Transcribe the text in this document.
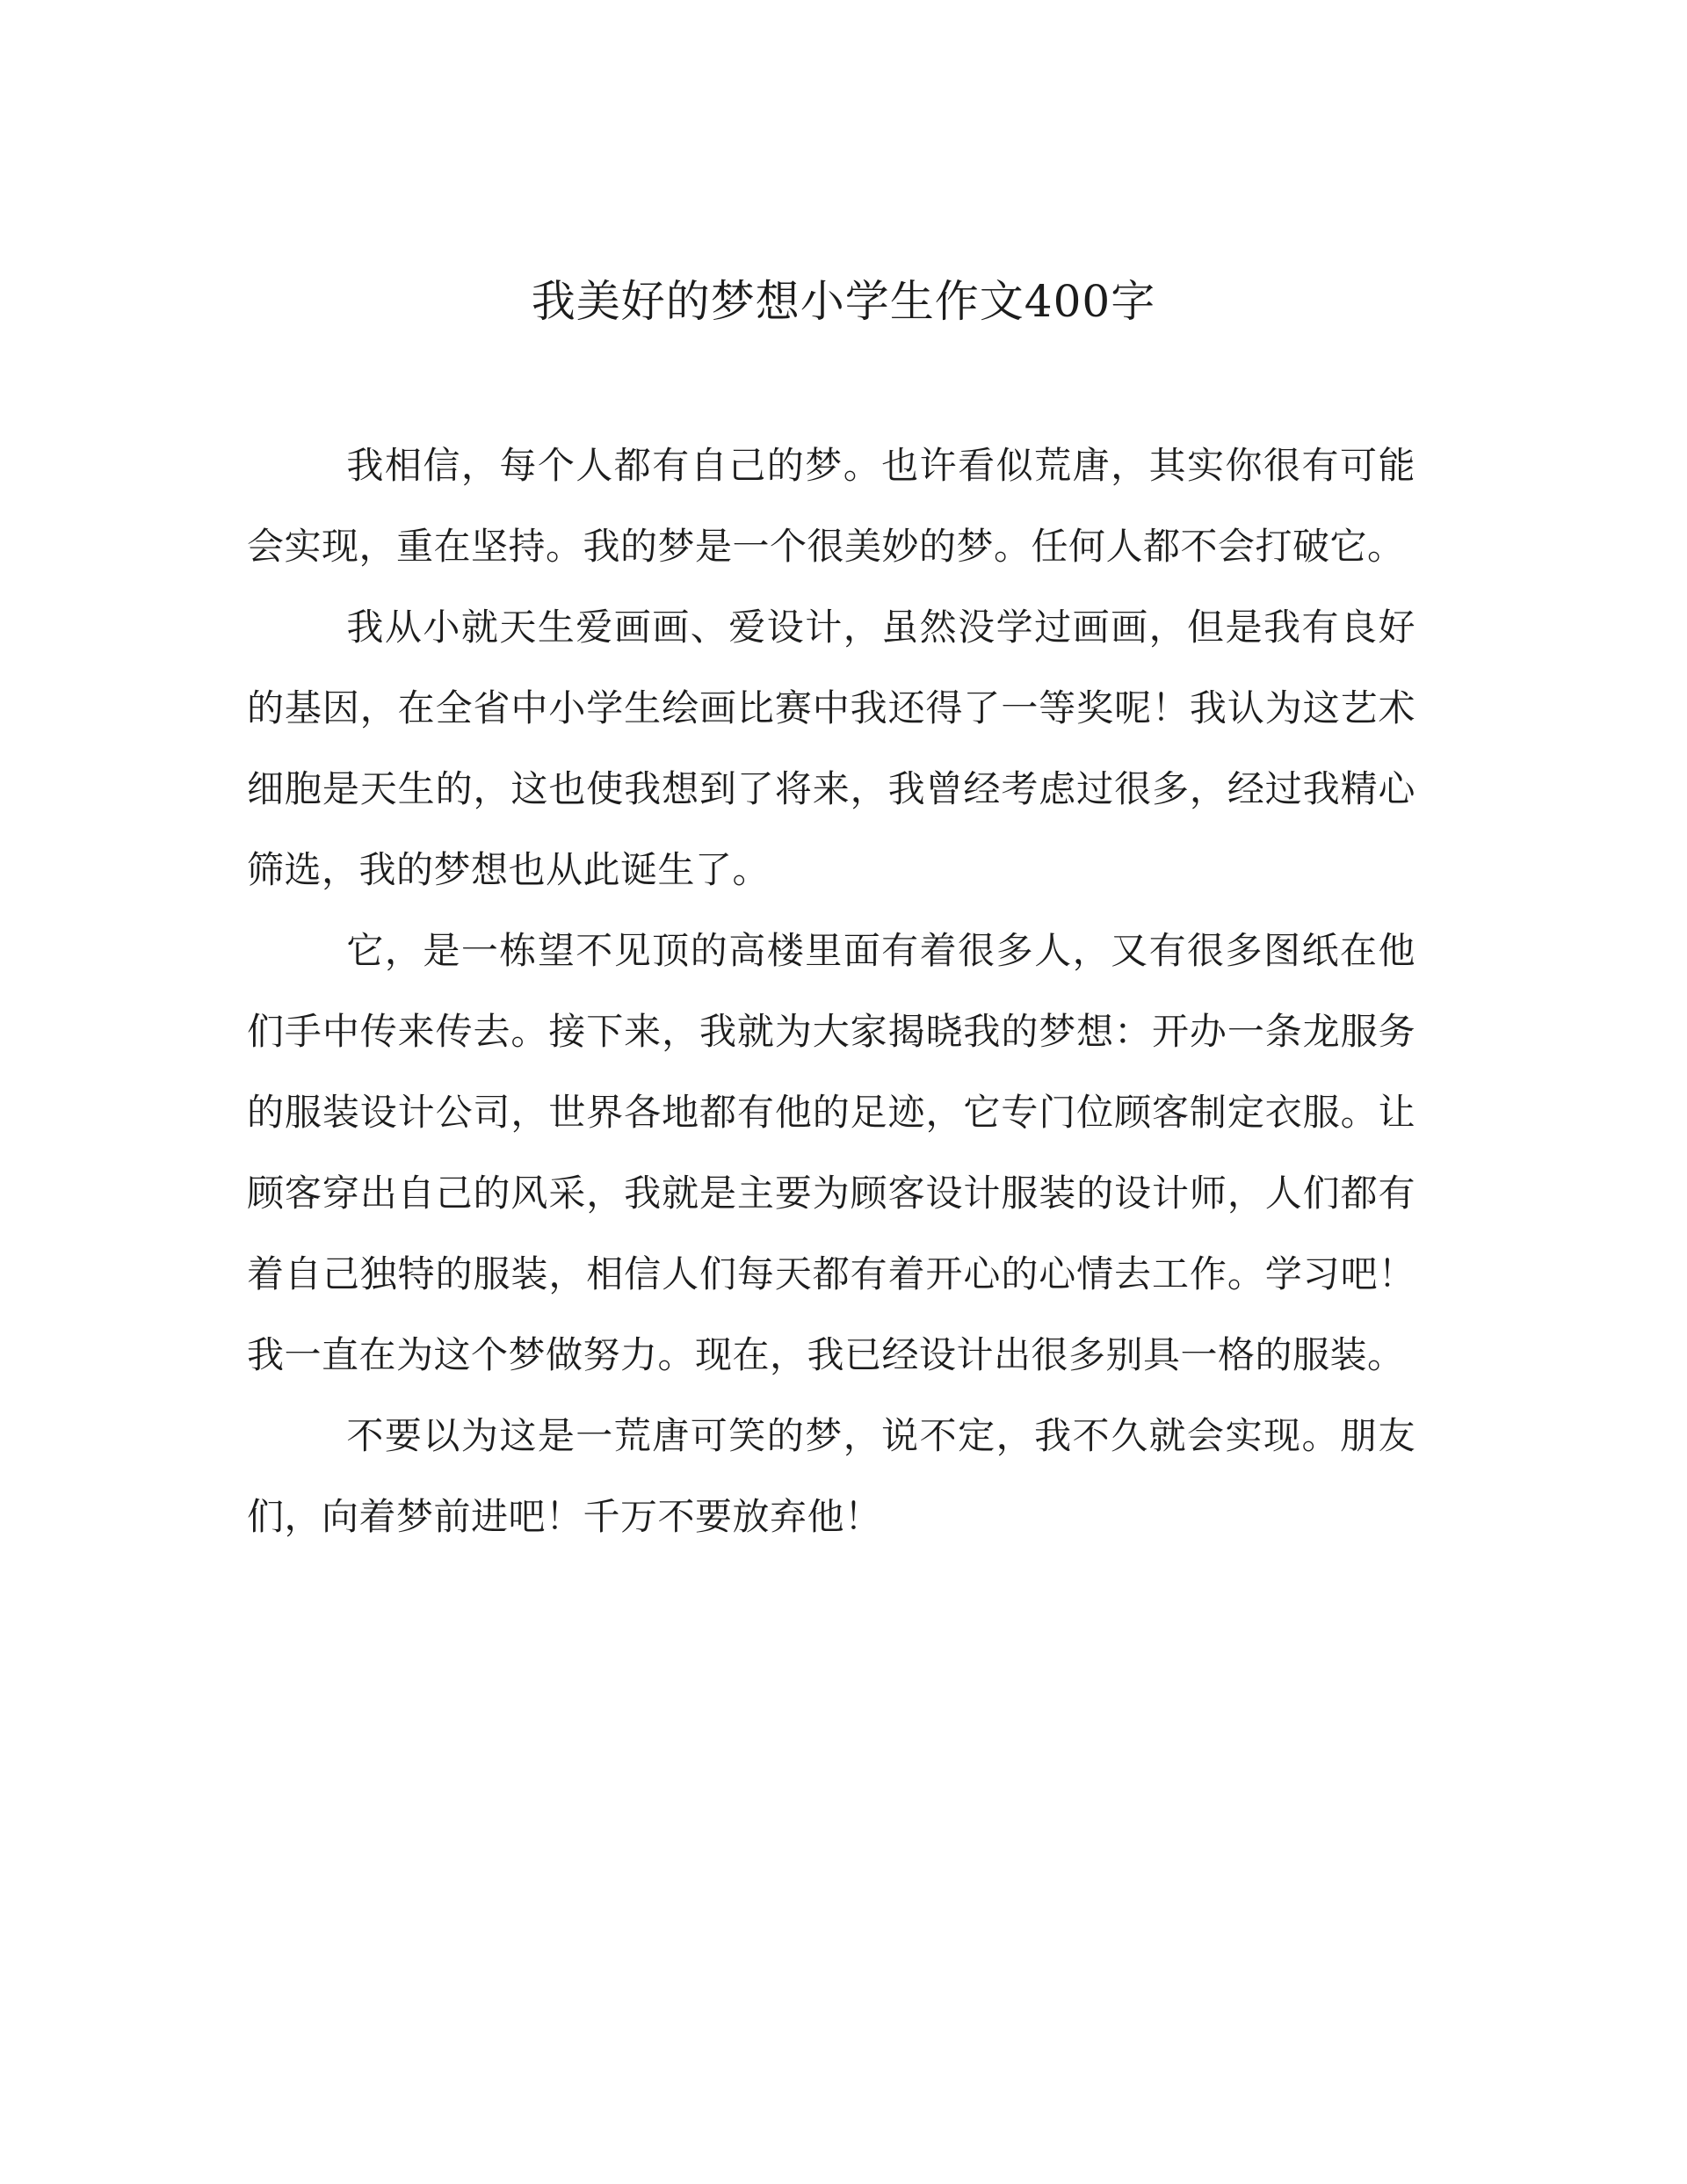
我美好的梦想小学生作文400字

我相信，每个人都有自己的梦。也许看似荒唐，其实你很有可能会实现，重在坚持。我的梦是一个很美妙的梦。任何人都不会打破它。

我从小就天生爱画画、爱设计，虽然没学过画画，但是我有良好的基因，在全省中小学生绘画比赛中我还得了一等奖呢！我认为这艺术细胞是天生的，这也使我想到了将来，我曾经考虑过很多，经过我精心筛选，我的梦想也从此诞生了。

它，是一栋望不见顶的高楼里面有着很多人，又有很多图纸在他们手中传来传去。接下来，我就为大家揭晓我的梦想：开办一条龙服务的服装设计公司，世界各地都有他的足迹，它专门位顾客制定衣服。让顾客穿出自己的风采，我就是主要为顾客设计服装的设计师，人们都有着自己独特的服装，相信人们每天都有着开心的心情去工作。学习吧！我一直在为这个梦做努力。现在，我已经设计出很多别具一格的服装。

不要以为这是一荒唐可笑的梦，说不定，我不久就会实现。朋友们，向着梦前进吧！千万不要放弃他！
